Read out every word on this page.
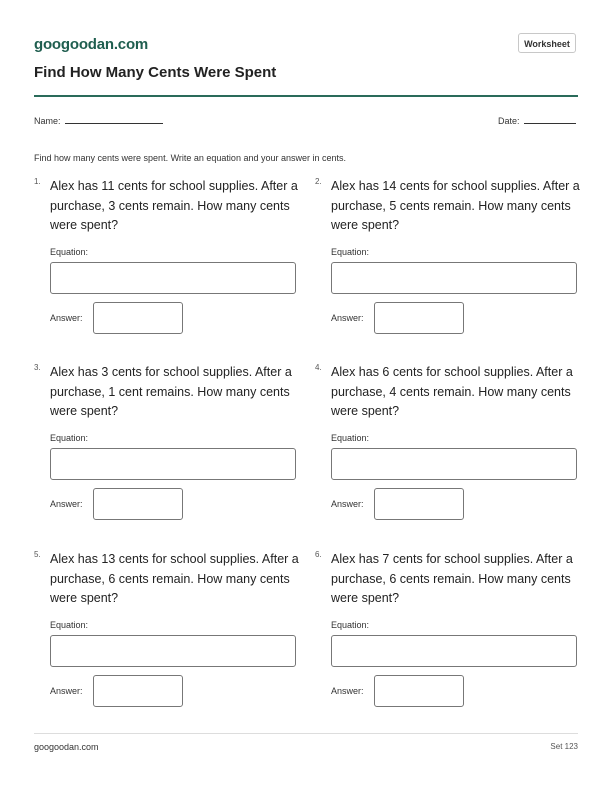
googoodan.com	Worksheet
Find How Many Cents Were Spent
Name:	Date:
Find how many cents were spent. Write an equation and your answer in cents.
1. Alex has 11 cents for school supplies. After a purchase, 3 cents remain. How many cents were spent?
Equation:
Answer:
2. Alex has 14 cents for school supplies. After a purchase, 5 cents remain. How many cents were spent?
Equation:
Answer:
3. Alex has 3 cents for school supplies. After a purchase, 1 cent remains. How many cents were spent?
Equation:
Answer:
4. Alex has 6 cents for school supplies. After a purchase, 4 cents remain. How many cents were spent?
Equation:
Answer:
5. Alex has 13 cents for school supplies. After a purchase, 6 cents remain. How many cents were spent?
Equation:
Answer:
6. Alex has 7 cents for school supplies. After a purchase, 6 cents remain. How many cents were spent?
Equation:
Answer:
googoodan.com	Set 123
